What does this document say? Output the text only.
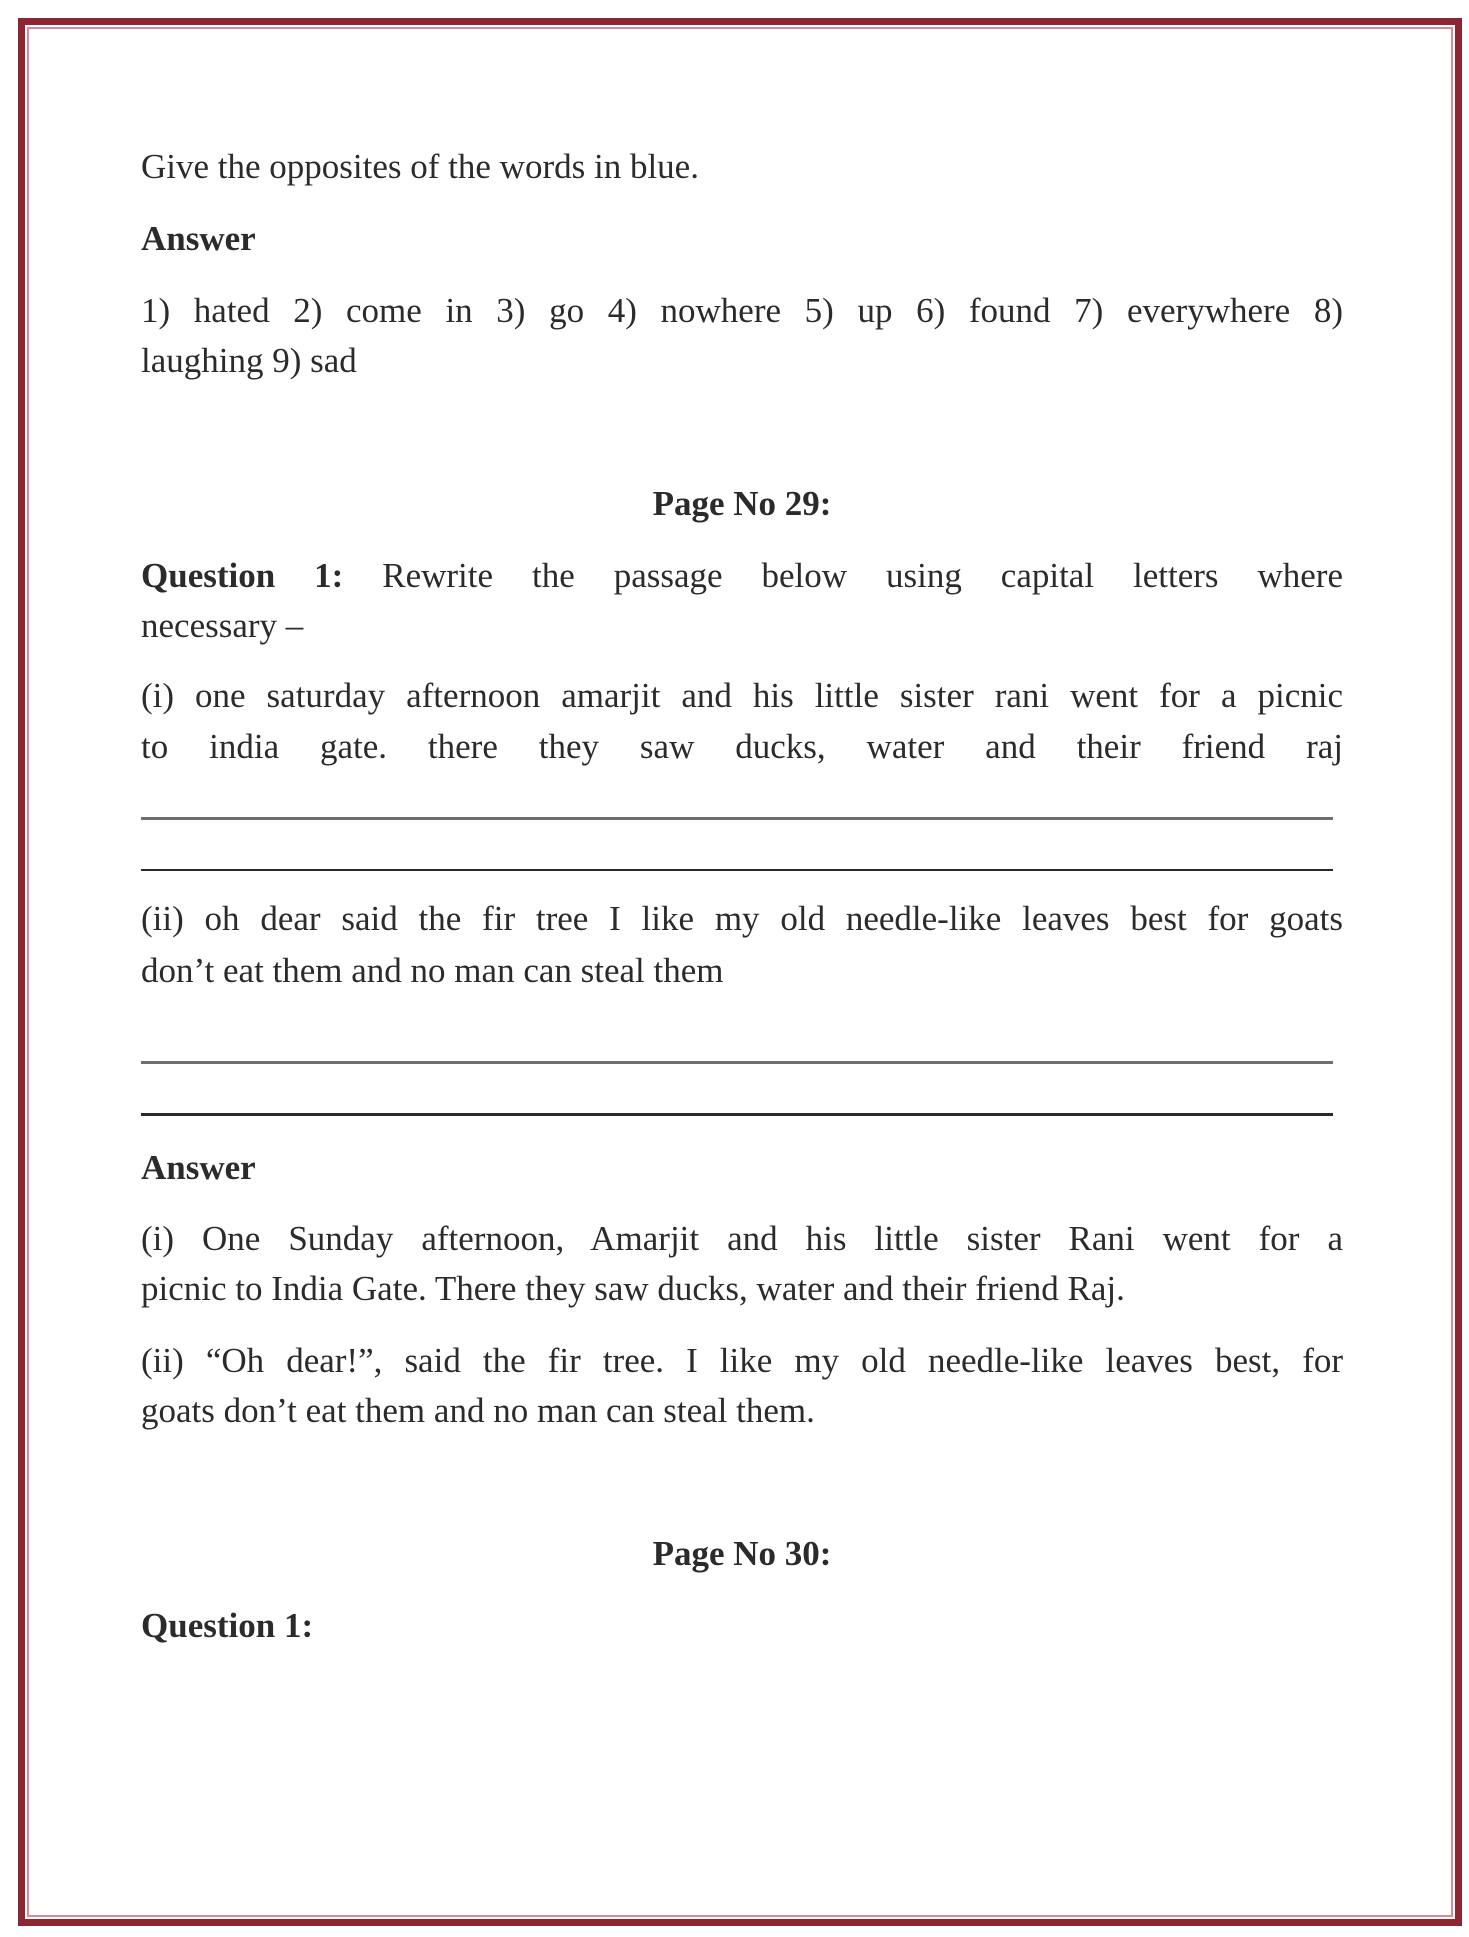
Give the opposites of the words in blue.
Answer
1) hated 2) come in 3) go 4) nowhere 5) up 6) found 7) everywhere 8)
laughing 9) sad
Page No 29:
Question 1: Rewrite the passage below using capital letters where
necessary –
(i) one saturday afternoon amarjit and his little sister rani went for a picnic
to india gate. there they saw ducks, water and their friend raj
(ii) oh dear said the fir tree I like my old needle-like leaves best for goats
don’t eat them and no man can steal them
Answer
(i) One Sunday afternoon, Amarjit and his little sister Rani went for a
picnic to India Gate. There they saw ducks, water and their friend Raj.
(ii) “Oh dear!”, said the fir tree. I like my old needle-like leaves best, for
goats don’t eat them and no man can steal them.
Page No 30:
Question 1:
